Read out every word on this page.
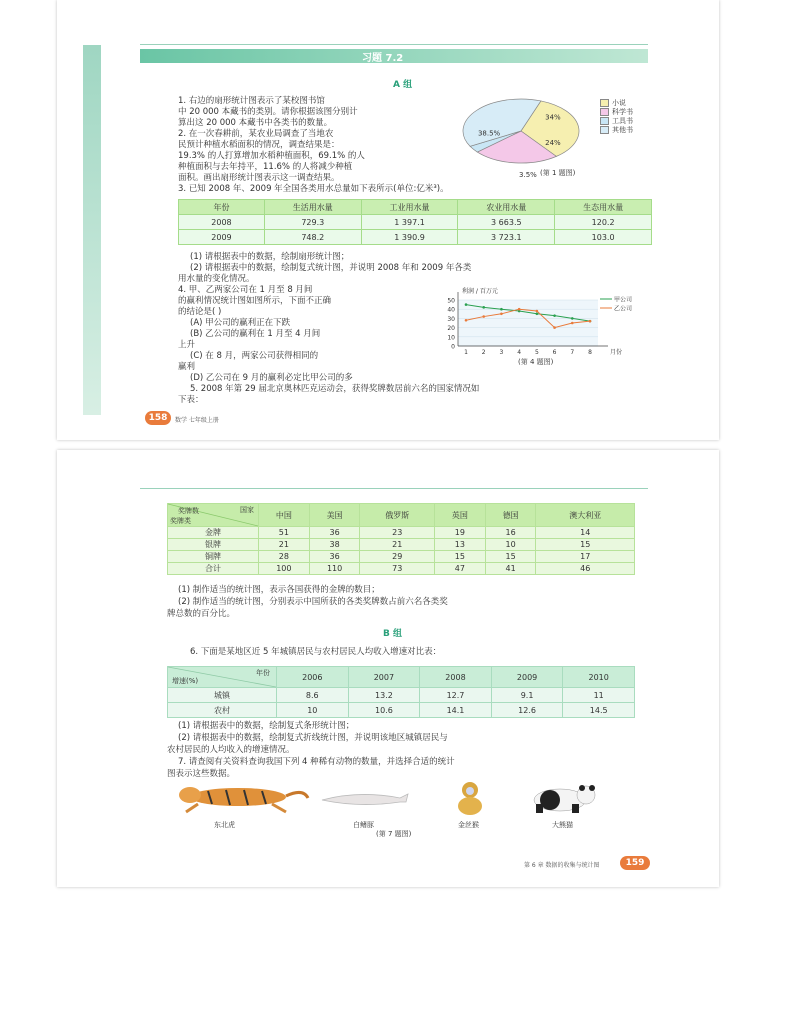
习题 7.2
A 组
1. 右边的扇形统计图表示了某校图书馆
中 20 000 本藏书的类别。请你根据该图分别计
算出这 20 000 本藏书中各类书的数量。
2. 在一次春耕前，某农业局调查了当地农
民预计种植水稻面积的情况，调查结果是：
19.3% 的人打算增加水稻种植面积，69.1% 的人
种植面积与去年持平，11.6% 的人将减少种植
面积。画出扇形统计图表示这一调查结果。
3. 已知 2008 年、2009 年全国各类用水总量如下表所示(单位:亿米³)。
34%
24%
3.5%
38.5%
小说
科学书
工具书
其他书
(第 1 题图)
年份	生活用水量	工业用水量	农业用水量	生态用水量
2008	729.3	1 397.1	3 663.5	120.2
2009	748.2	1 390.9	3 723.1	103.0
(1) 请根据表中的数据，绘制扇形统计图；
(2) 请根据表中的数据，绘制复式统计图，并说明 2008 年和 2009 年各类
用水量的变化情况。
4. 甲、乙两家公司在 1 月至 8 月间
的赢利情况统计图如图所示，下面不正确
的结论是( )
(A) 甲公司的赢利正在下跌
(B) 乙公司的赢利在 1 月至 4 月间
上升
(C) 在 8 月，两家公司获得相同的
赢利
(D) 乙公司在 9 月的赢利必定比甲公司的多
5. 2008 年第 29 届北京奥林匹克运动会，获得奖牌数居前六名的国家情况如
下表：
0
10
20
30
40
50
1 2 3 4 5 6 7 8
利润 / 百万元
月份
甲公司
乙公司
(第 4 题图)
158	数学 七年级上册
国家
奖牌数
奖牌类	中国	美国	俄罗斯	英国	德国	澳大利亚
金牌	51	36	23	19	16	14
银牌	21	38	21	13	10	15
铜牌	28	36	29	15	15	17
合计	100	110	73	47	41	46
(1) 制作适当的统计图，表示各国获得的金牌的数目；
(2) 制作适当的统计图，分别表示中国所获的各类奖牌数占前六名各类奖
牌总数的百分比。
B 组
6. 下面是某地区近 5 年城镇居民与农村居民人均收入增速对比表：
年份
增速(%)	2006	2007	2008	2009	2010
城镇	8.6	13.2	12.7	9.1	11
农村	10	10.6	14.1	12.6	14.5
(1) 请根据表中的数据，绘制复式条形统计图；
(2) 请根据表中的数据，绘制复式折线统计图，并说明该地区城镇居民与
农村居民的人均收入的增速情况。
7. 请查阅有关资料查询我国下列 4 种稀有动物的数量，并选择合适的统计
图表示这些数据。
东北虎	白鳍豚	金丝猴	大熊猫
(第 7 题图)
第 6 章 数据的收集与统计图	159
